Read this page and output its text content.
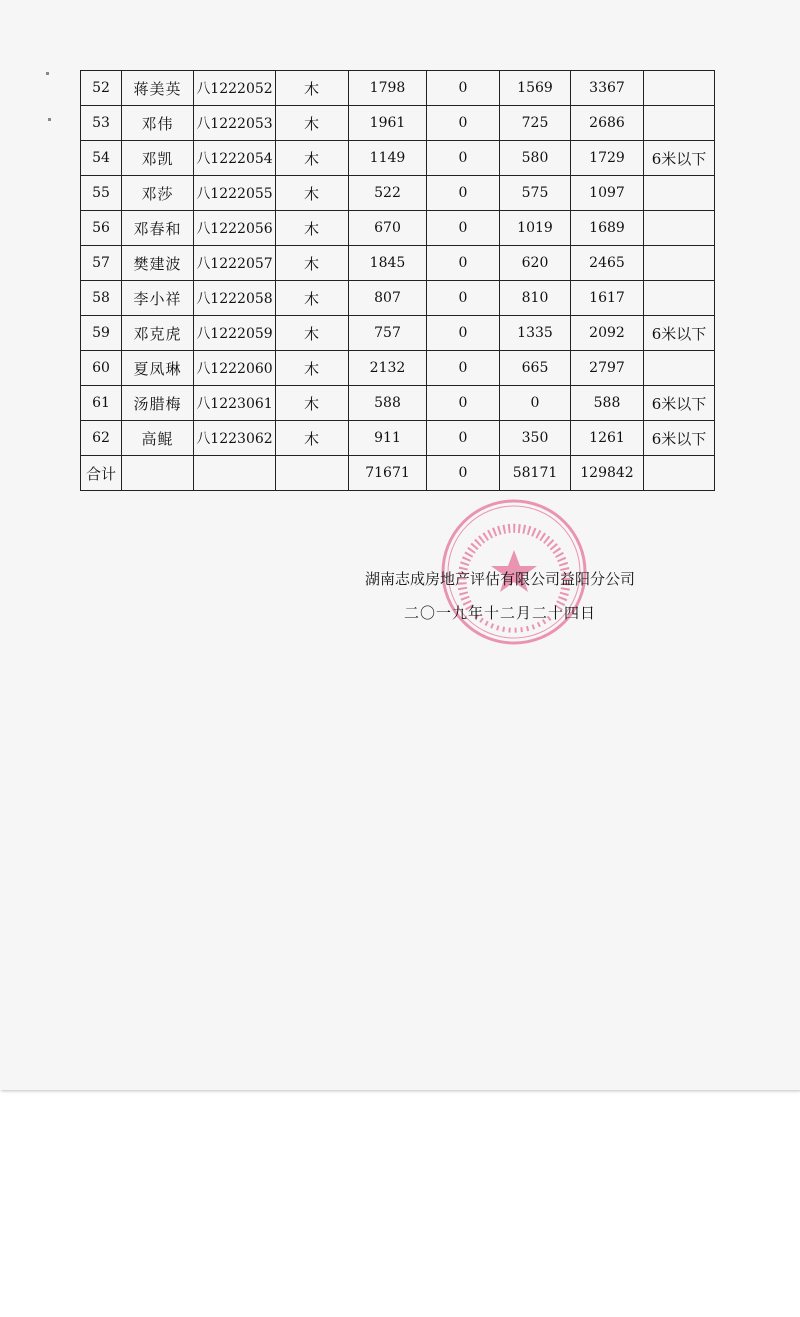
52	蒋美英	八1222052	木	1798	0	1569	3367	
53	邓伟	八1222053	木	1961	0	725	2686	
54	邓凯	八1222054	木	1149	0	580	1729	6米以下
55	邓莎	八1222055	木	522	0	575	1097	
56	邓春和	八1222056	木	670	0	1019	1689	
57	樊建波	八1222057	木	1845	0	620	2465	
58	李小祥	八1222058	木	807	0	810	1617	
59	邓克虎	八1222059	木	757	0	1335	2092	6米以下
60	夏凤琳	八1222060	木	2132	0	665	2797	
61	汤腊梅	八1223061	木	588	0	0	588	6米以下
62	高鲲	八1223062	木	911	0	350	1261	6米以下
合计				71671	0	58171	129842	
湖南志成房地产评估有限公司益阳分公司
二〇一九年十二月二十四日
